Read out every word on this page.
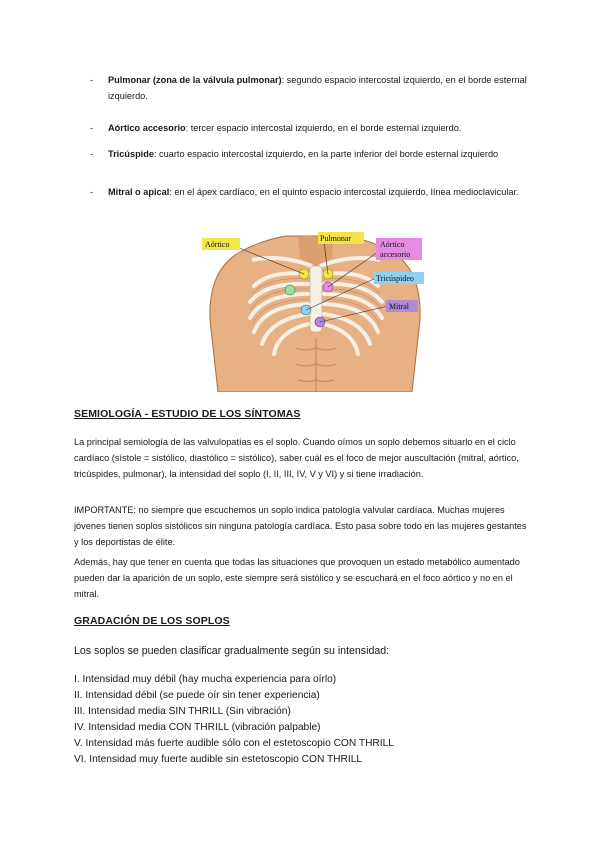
- Pulmonar (zona de la válvula pulmonar): segundo espacio intercostal izquierdo, en el borde esternal izquierdo.
- Aórtico accesorio: tercer espacio intercostal izquierdo, en el borde esternal izquierdo.
- Tricúspide: cuarto espacio intercostal izquierdo, en la parte inferior del borde esternal izquierdo
- Mitral o apical: en el ápex cardíaco, en el quinto espacio intercostal izquierdo, línea medioclavicular.
Aórtico
Pulmonar
Aórtico
accesorio
Tricúspideo
Mitral
SEMIOLOGÍA - ESTUDIO DE LOS SÍNTOMAS
La principal semiología de las valvulopatías es el soplo. Cuando oímos un soplo debemos situarlo en el ciclo cardíaco (sístole = sistólico, diastólico = sistólico), saber cuál es el foco de mejor auscultación (mitral, aórtico, tricúspides, pulmonar), la intensidad del soplo (I, II, III, IV, V y VI) y si tiene irradiación.
IMPORTANTE: no siempre que escuchemos un soplo indica patología valvular cardíaca. Muchas mujeres jóvenes tienen soplos sistólicos sin ninguna patología cardíaca. Esto pasa sobre todo en las mujeres gestantes y los deportistas de élite.
Además, hay que tener en cuenta que todas las situaciones que provoquen un estado metabólico aumentado pueden dar la aparición de un soplo, este siempre será sistólico y se escuchará en el foco aórtico y no en el mitral.
GRADACIÓN DE LOS SOPLOS
Los soplos se pueden clasificar gradualmente según su intensidad:
I. Intensidad muy débil (hay mucha experiencia para oírlo)
II. Intensidad débil (se puede oír sin tener experiencia)
III. Intensidad media SIN THRILL (Sin vibración)
IV. Intensidad media CON THRILL (vibración palpable)
V. Intensidad más fuerte audible sólo con el estetoscopio CON THRILL
VI. Intensidad muy fuerte audible sin estetoscopio CON THRILL
